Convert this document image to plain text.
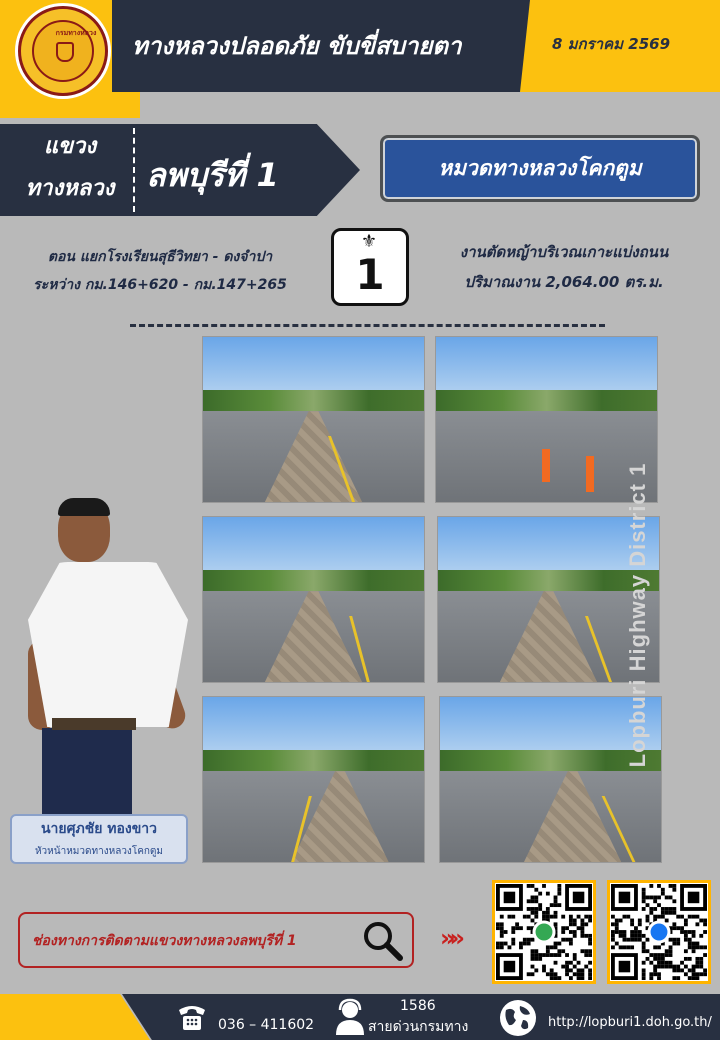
กรมทางหลวง	ทางหลวงปลอดภัย ขับขี่สบายตา	8 มกราคม 2569
แขวง
ทางหลวง ลพบุรีที่ 1	หมวดทางหลวงโคกตูม
ตอน แยกโรงเรียนสุธีวิทยา - ดงจำปา
ระหว่าง กม.146+620 - กม.147+265
⚜
1	งานตัดหญ้าบริเวณเกาะแบ่งถนน
ปริมาณงาน 2,064.00 ตร.ม.
นายศุภชัย ทองขาว
หัวหน้าหมวดทางหลวงโคกตูม
Lopburi Highway District 1
ช่องทางการติดตามแขวงทางหลวงลพบุรีที่ 1	»»
036 – 411602
1586
สายด่วนกรมทาง	http://lopburi1.doh.go.th/
